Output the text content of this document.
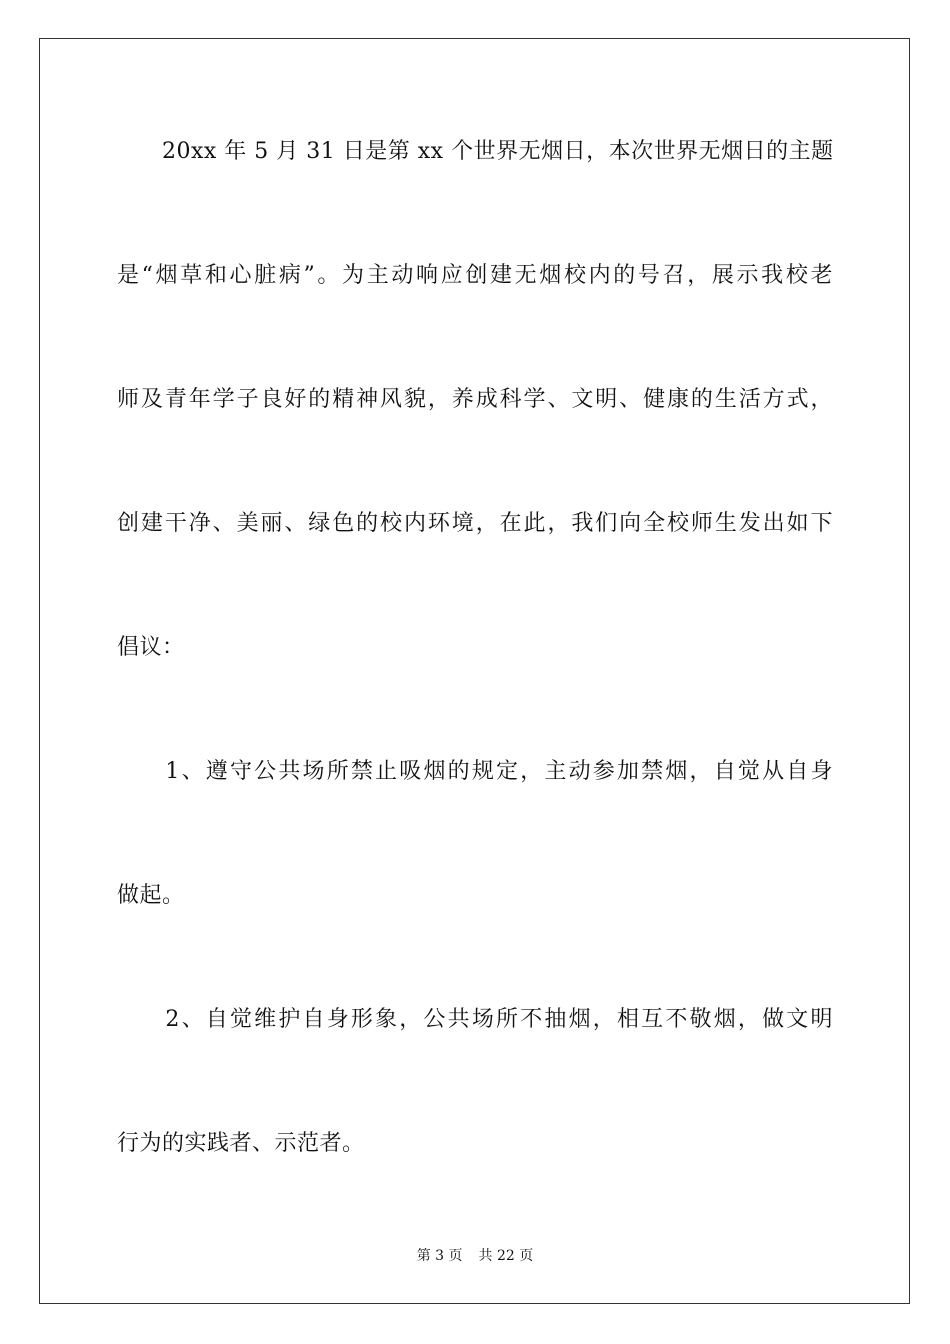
　　20xx 年 5 月 31 日是第 xx 个世界无烟日，本次世界无烟日的主题
是“烟草和心脏病”。为主动响应创建无烟校内的号召，展示我校老
师及青年学子良好的精神风貌，养成科学、文明、健康的生活方式，
创建干净、美丽、绿色的校内环境，在此，我们向全校师生发出如下
倡议：
　　1、遵守公共场所禁止吸烟的规定，主动参加禁烟，自觉从自身
做起。
　　2、自觉维护自身形象，公共场所不抽烟，相互不敬烟，做文明
行为的实践者、示范者。
第 3 页 共 22 页
